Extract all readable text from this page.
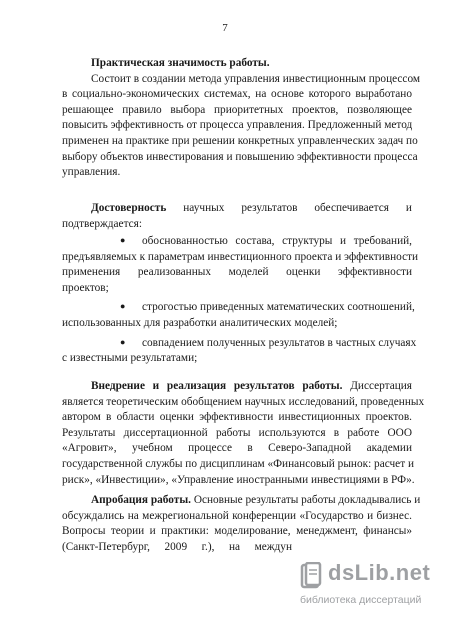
7
Практическая значимость работы.
Состоит в создании метода управления инвестиционным процессом
в социально-экономических системах, на основе которого выработано
решающее правило выбора приоритетных проектов, позволяющее
повысить эффективность от процесса управления. Предложенный метод
применен на практике при решении конкретных управленческих задач по
выбору объектов инвестирования и повышению эффективности процесса
управления.
Достоверность научных результатов обеспечивается и
подтверждается:
●	обоснованностью состава, структуры и требований,
предъявляемых к параметрам инвестиционного проекта и эффективности
применения реализованных моделей оценки эффективности
проектов;
●	строгостью приведенных математических соотношений,
использованных для разработки аналитических моделей;
●	совпадением полученных результатов в частных случаях
с известными результатами;
Внедрение и реализация результатов работы. Диссертация
является теоретическим обобщением научных исследований, проведенных
автором в области оценки эффективности инвестиционных проектов.
Результаты диссертационной работы используются в работе ООО
«Агровит», учебном процессе в Северо-Западной академии
государственной службы по дисциплинам «Финансовый рынок: расчет и
риск», «Инвестиции», «Управление иностранными инвестициями в РФ».
Апробация работы. Основные результаты работы докладывались и
обсуждались на межрегиональной конференции «Государство и бизнес.
Вопросы теории и практики: моделирование, менеджмент, финансы»
(Санкт-Петербург, 2009 г.), на междун
dsLib.net
библиотека диссертаций
